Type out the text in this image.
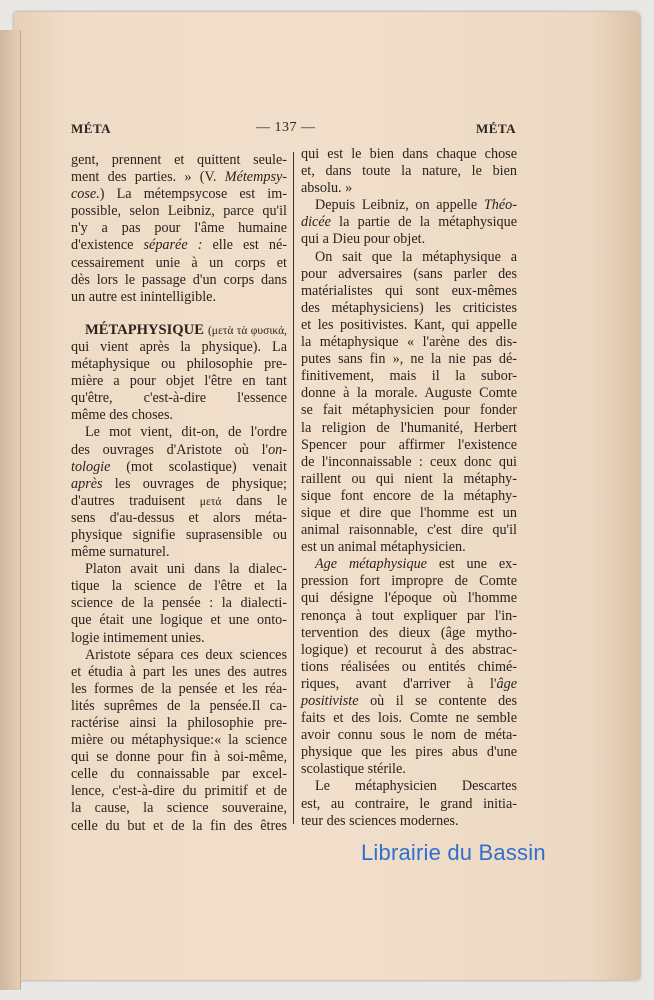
MÉTA	— 137 —	MÉTA
gent, prennent et quittent seule-
ment des parties. » (V. Métempsy-
cose.) La métempsycose est im-
possible, selon Leibniz, parce qu'il
n'y a pas pour l'âme humaine
d'existence séparée : elle est né-
cessairement unie à un corps et
dès lors le passage d'un corps dans
un autre est inintelligible.
MÉTAPHYSIQUE (μετὰ τὰ φυσικά,
qui vient après la physique). La
métaphysique ou philosophie pre-
mière a pour objet l'être en tant
qu'être, c'est-à-dire l'essence
même des choses.
Le mot vient, dit-on, de l'ordre
des ouvrages d'Aristote où l'on-
tologie (mot scolastique) venait
après les ouvrages de physique;
d'autres traduisent μετά dans le
sens d'au-dessus et alors méta-
physique signifie suprasensible ou
même surnaturel.
Platon avait uni dans la dialec-
tique la science de l'être et la
science de la pensée : la dialecti-
que était une logique et une onto-
logie intimement unies.
Aristote sépara ces deux sciences
et étudia à part les unes des autres
les formes de la pensée et les réa-
lités suprêmes de la pensée.Il ca-
ractérise ainsi la philosophie pre-
mière ou métaphysique:« la science
qui se donne pour fin à soi-même,
celle du connaissable par excel-
lence, c'est-à-dire du primitif et de
la cause, la science souveraine,
celle du but et de la fin des êtres
qui est le bien dans chaque chose
et, dans toute la nature, le bien
absolu. »
Depuis Leibniz, on appelle Théo-
dicée la partie de la métaphysique
qui a Dieu pour objet.
On sait que la métaphysique a
pour adversaires (sans parler des
matérialistes qui sont eux-mêmes
des métaphysiciens) les criticistes
et les positivistes. Kant, qui appelle
la métaphysique « l'arène des dis-
putes sans fin », ne la nie pas dé-
finitivement, mais il la subor-
donne à la morale. Auguste Comte
se fait métaphysicien pour fonder
la religion de l'humanité, Herbert
Spencer pour affirmer l'existence
de l'inconnaissable : ceux donc qui
raillent ou qui nient la métaphy-
sique font encore de la métaphy-
sique et dire que l'homme est un
animal raisonnable, c'est dire qu'il
est un animal métaphysicien.
Age métaphysique est une ex-
pression fort impropre de Comte
qui désigne l'époque où l'homme
renonça à tout expliquer par l'in-
tervention des dieux (âge mytho-
logique) et recourut à des abstrac-
tions réalisées ou entités chimé-
riques, avant d'arriver à l'âge
positiviste où il se contente des
faits et des lois. Comte ne semble
avoir connu sous le nom de méta-
physique que les pires abus d'une
scolastique stérile.
Le métaphysicien Descartes
est, au contraire, le grand initia-
teur des sciences modernes.
Librairie du Bassin
